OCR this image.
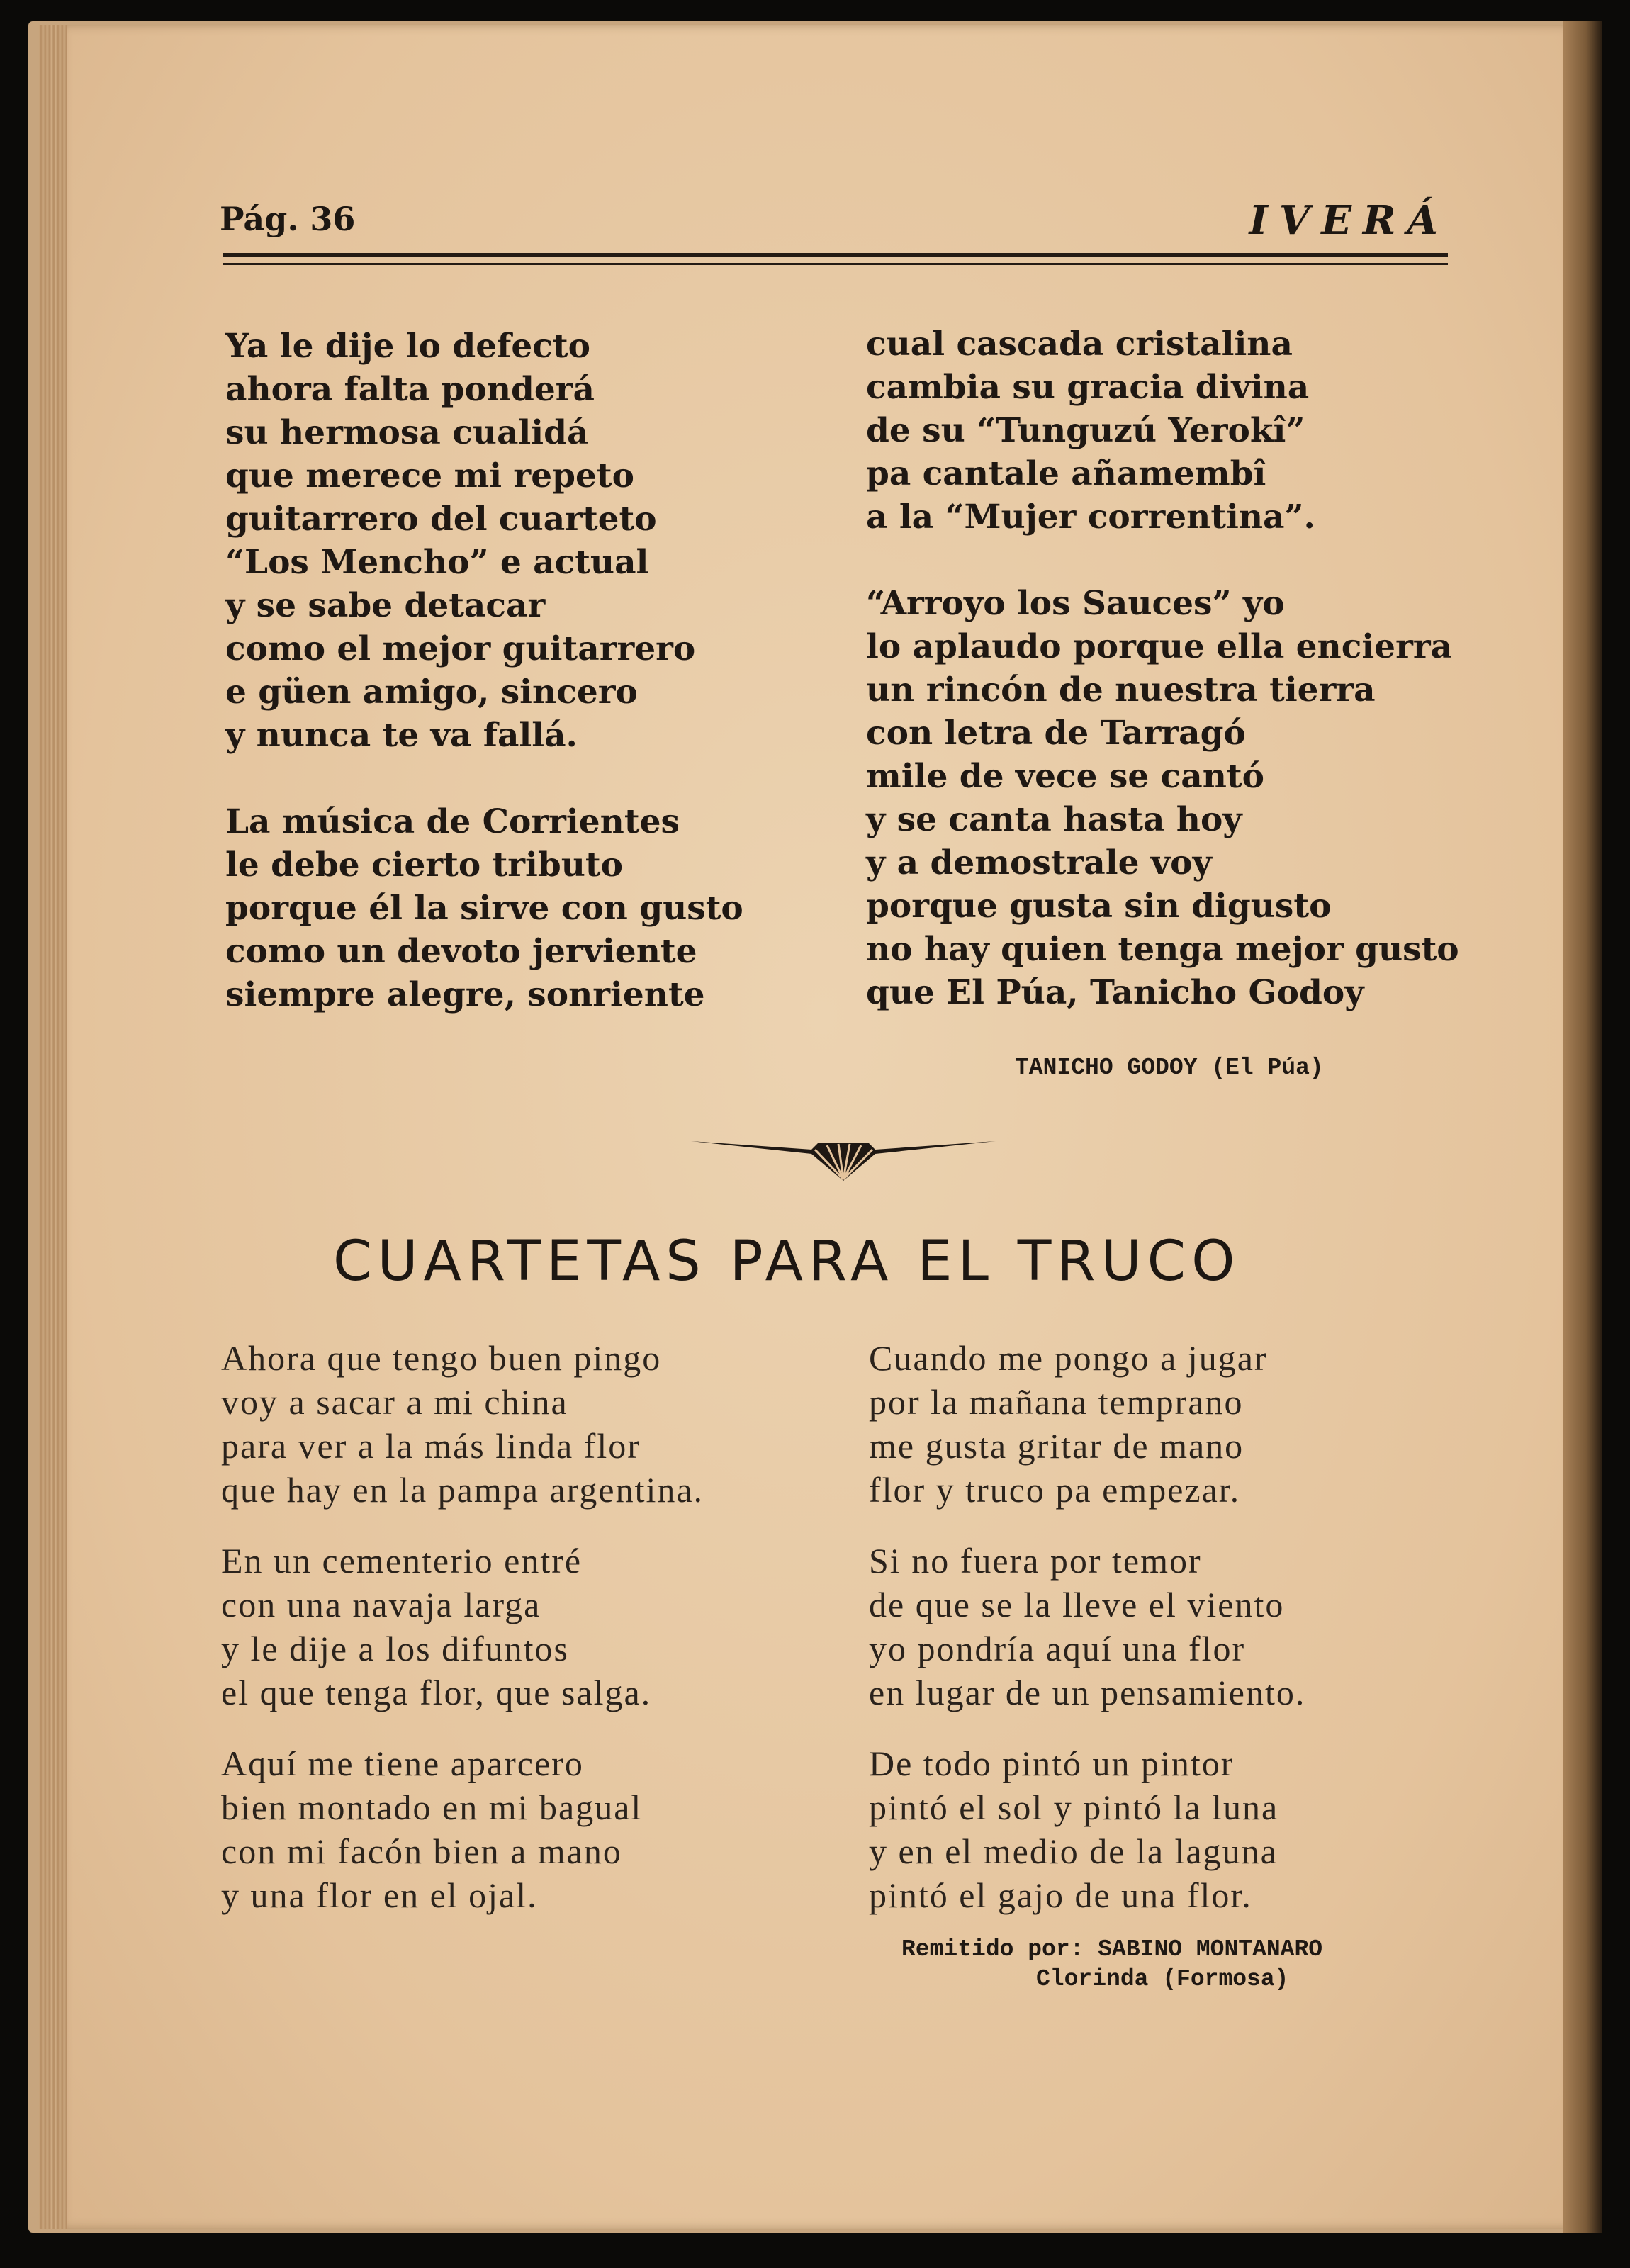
Pág. 36	IVERÁ
Ya le dije lo defecto
ahora falta ponderá
su hermosa cualidá
que merece mi repeto
guitarrero del cuarteto
“Los Mencho” e actual
y se sabe detacar
como el mejor guitarrero
e güen amigo, sincero
y nunca te va fallá.
La música de Corrientes
le debe cierto tributo
porque él la sirve con gusto
como un devoto jerviente
siempre alegre, sonriente
cual cascada cristalina
cambia su gracia divina
de su “Tunguzú Yerokî”
pa cantale añamembî
a la “Mujer correntina”.
“Arroyo los Sauces” yo
lo aplaudo porque ella encierra
un rincón de nuestra tierra
con letra de Tarragó
mile de vece se cantó
y se canta hasta hoy
y a demostrale voy
porque gusta sin digusto
no hay quien tenga mejor gusto
que El Púa, Tanicho Godoy
TANICHO GODOY (El Púa)
CUARTETAS PARA EL TRUCO
Ahora que tengo buen pingo
voy a sacar a mi china
para ver a la más linda flor
que hay en la pampa argentina.
En un cementerio entré
con una navaja larga
y le dije a los difuntos
el que tenga flor, que salga.
Aquí me tiene aparcero
bien montado en mi bagual
con mi facón bien a mano
y una flor en el ojal.
Cuando me pongo a jugar
por la mañana temprano
me gusta gritar de mano
flor y truco pa empezar.
Si no fuera por temor
de que se la lleve el viento
yo pondría aquí una flor
en lugar de un pensamiento.
De todo pintó un pintor
pintó el sol y pintó la luna
y en el medio de la laguna
pintó el gajo de una flor.
Remitido por: SABINO MONTANARO
Clorinda (Formosa)
